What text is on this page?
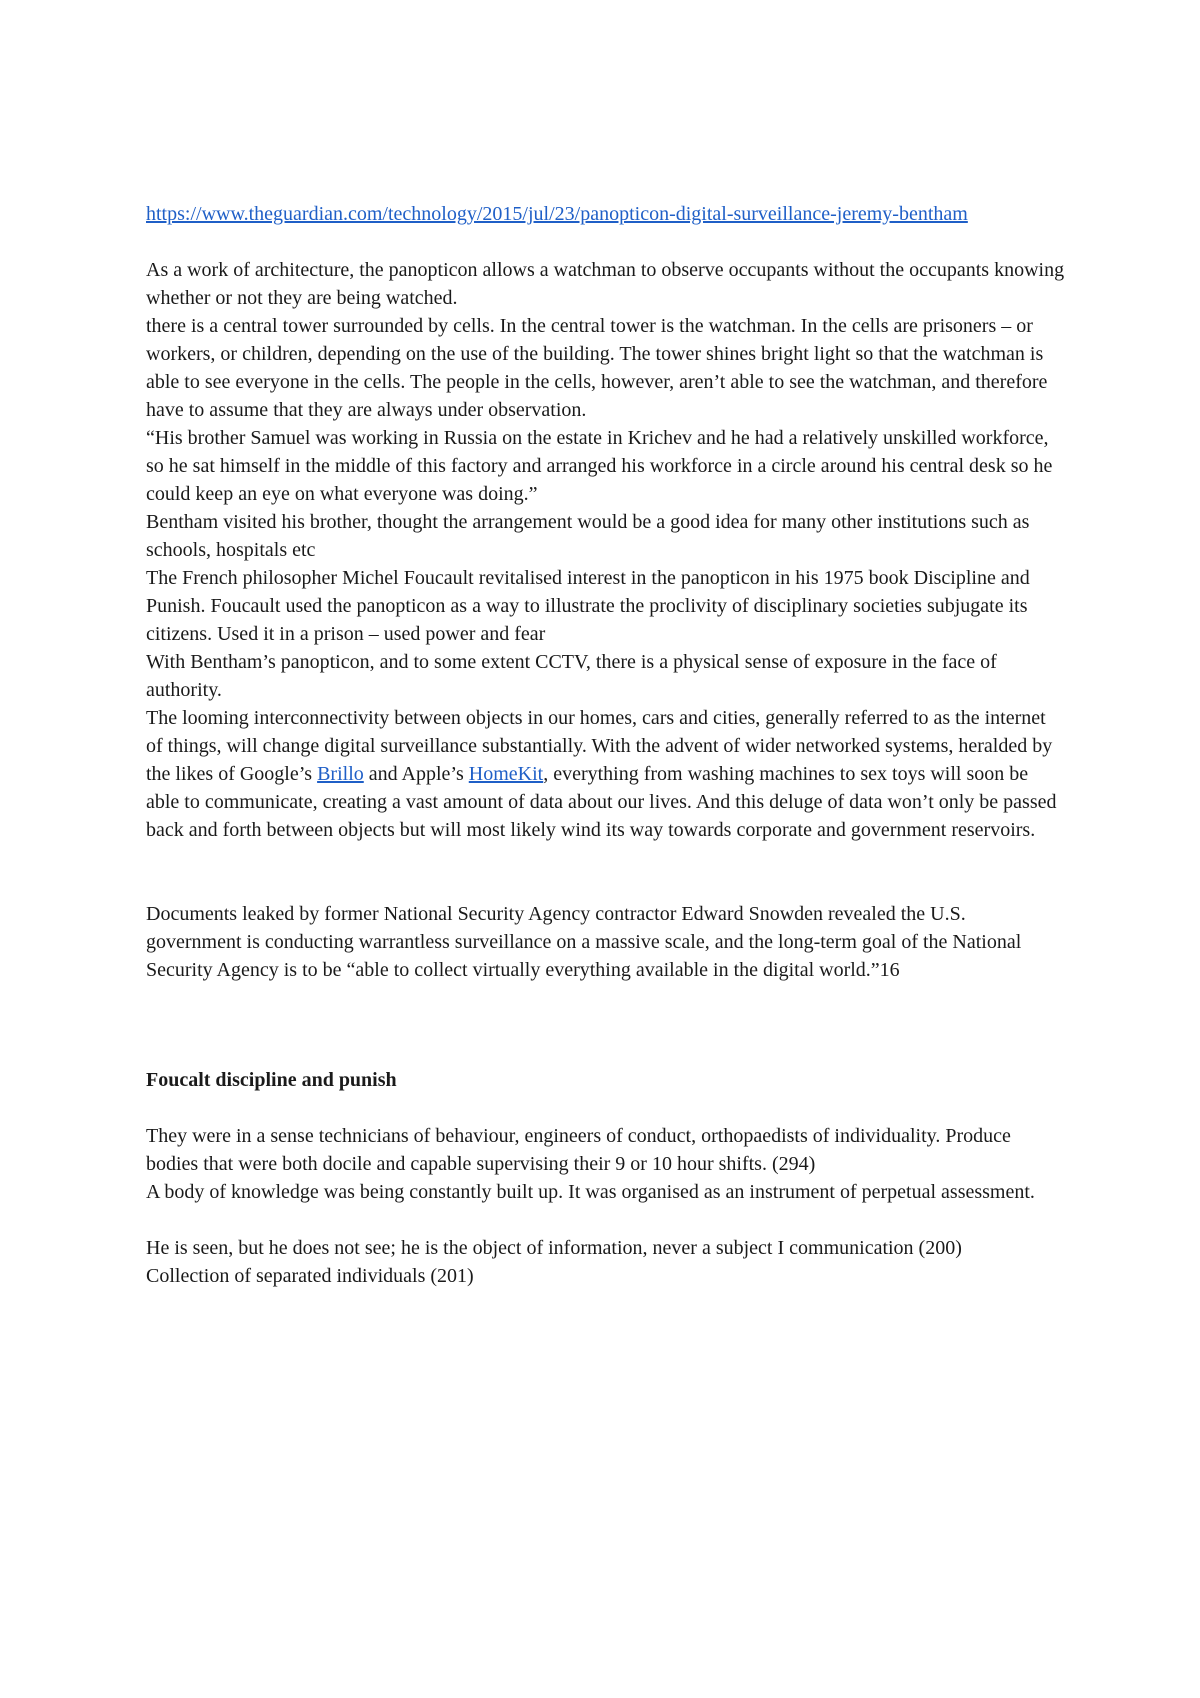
https://www.theguardian.com/technology/2015/jul/23/panopticon-digital-surveillance-jeremy-bentham

As a work of architecture, the panopticon allows a watchman to observe occupants without the occupants knowing whether or not they are being watched.

there is a central tower surrounded by cells. In the central tower is the watchman. In the cells are prisoners – or workers, or children, depending on the use of the building. The tower shines bright light so that the watchman is able to see everyone in the cells. The people in the cells, however, aren’t able to see the watchman, and therefore have to assume that they are always under observation.

“His brother Samuel was working in Russia on the estate in Krichev and he had a relatively unskilled workforce, so he sat himself in the middle of this factory and arranged his workforce in a circle around his central desk so he could keep an eye on what everyone was doing.”

Bentham visited his brother, thought the arrangement would be a good idea for many other institutions such as schools, hospitals etc

The French philosopher Michel Foucault revitalised interest in the panopticon in his 1975 book Discipline and Punish. Foucault used the panopticon as a way to illustrate the proclivity of disciplinary societies subjugate its citizens. Used it in a prison – used power and fear

With Bentham’s panopticon, and to some extent CCTV, there is a physical sense of exposure in the face of authority.

The looming interconnectivity between objects in our homes, cars and cities, generally referred to as the internet of things, will change digital surveillance substantially. With the advent of wider networked systems, heralded by the likes of Google’s Brillo and Apple’s HomeKit, everything from washing machines to sex toys will soon be able to communicate, creating a vast amount of data about our lives. And this deluge of data won’t only be passed back and forth between objects but will most likely wind its way towards corporate and government reservoirs.

Documents leaked by former National Security Agency contractor Edward Snowden revealed the U.S. government is conducting warrantless surveillance on a massive scale, and the long-term goal of the National Security Agency is to be “able to collect virtually everything available in the digital world.”16

Foucalt discipline and punish

They were in a sense technicians of behaviour, engineers of conduct, orthopaedists of individuality. Produce bodies that were both docile and capable supervising their 9 or 10 hour shifts. (294)

A body of knowledge was being constantly built up. It was organised as an instrument of perpetual assessment.

He is seen, but he does not see; he is the object of information, never a subject I communication (200)

Collection of separated individuals (201)
